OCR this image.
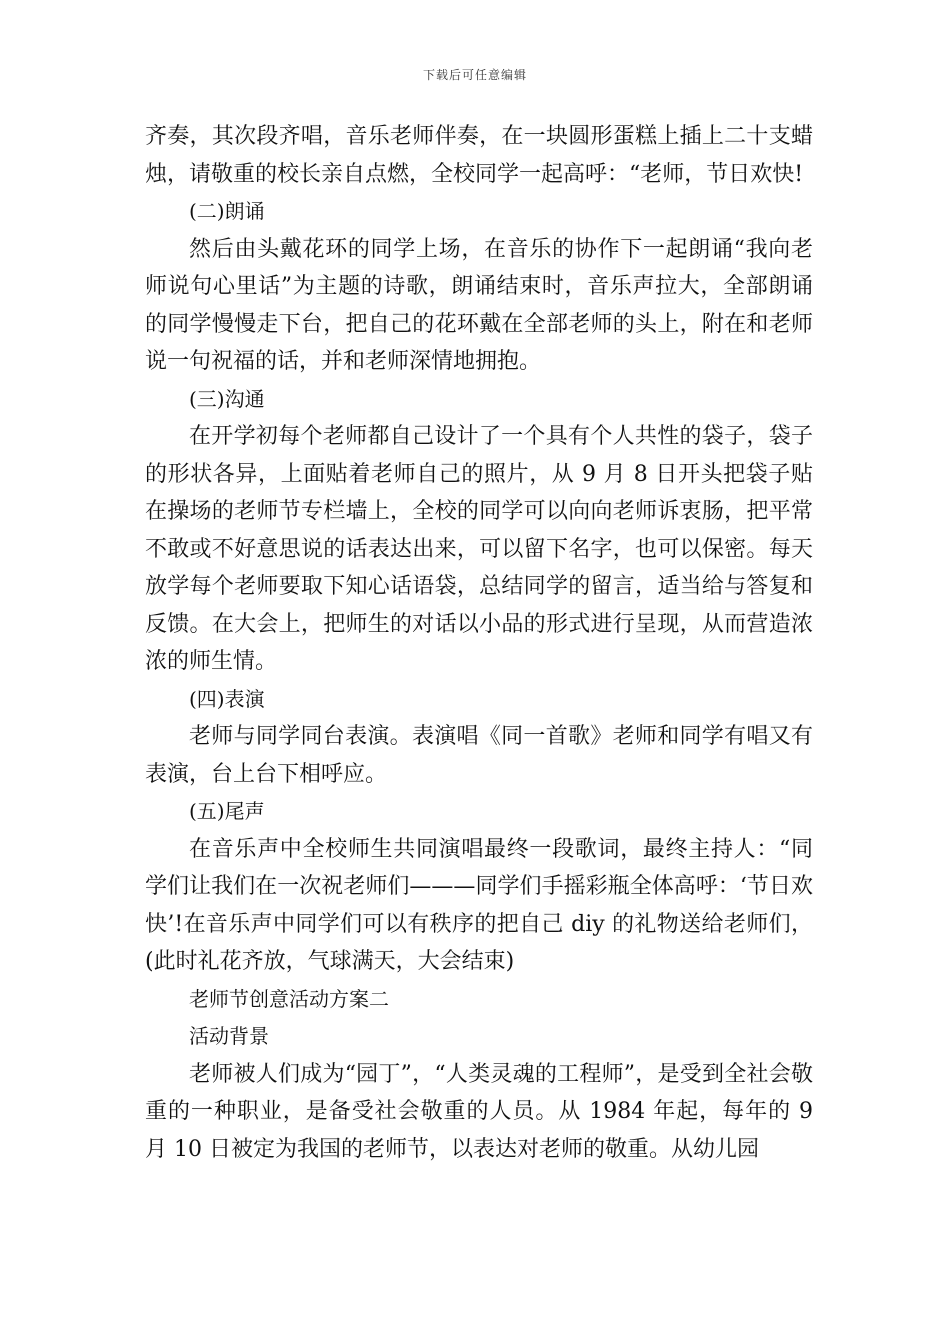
下载后可任意编辑

齐奏，其次段齐唱，音乐老师伴奏，在一块圆形蛋糕上插上二十支蜡烛，请敬重的校长亲自点燃，全校同学一起高呼：“老师，节日欢快!

(二)朗诵

然后由头戴花环的同学上场，在音乐的协作下一起朗诵“我向老师说句心里话”为主题的诗歌，朗诵结束时，音乐声拉大，全部朗诵的同学慢慢走下台，把自己的花环戴在全部老师的头上，附在和老师说一句祝福的话，并和老师深情地拥抱。

(三)沟通

在开学初每个老师都自己设计了一个具有个人共性的袋子，袋子的形状各异，上面贴着老师自己的照片，从 9 月 8 日开头把袋子贴在操场的老师节专栏墙上，全校的同学可以向向老师诉衷肠，把平常不敢或不好意思说的话表达出来，可以留下名字，也可以保密。每天放学每个老师要取下知心话语袋，总结同学的留言，适当给与答复和反馈。在大会上，把师生的对话以小品的形式进行呈现，从而营造浓浓的师生情。

(四)表演

老师与同学同台表演。表演唱《同一首歌》老师和同学有唱又有表演，台上台下相呼应。

(五)尾声

在音乐声中全校师生共同演唱最终一段歌词，最终主持人：“同学们让我们在一次祝老师们———同学们手摇彩瓶全体高呼：‘节日欢快’!在音乐声中同学们可以有秩序的把自己 diy 的礼物送给老师们，(此时礼花齐放，气球满天，大会结束)

老师节创意活动方案二

活动背景

老师被人们成为“园丁”，“人类灵魂的工程师”，是受到全社会敬重的一种职业，是备受社会敬重的人员。从 1984 年起，每年的 9 月 10 日被定为我国的老师节，以表达对老师的敬重。从幼儿园
